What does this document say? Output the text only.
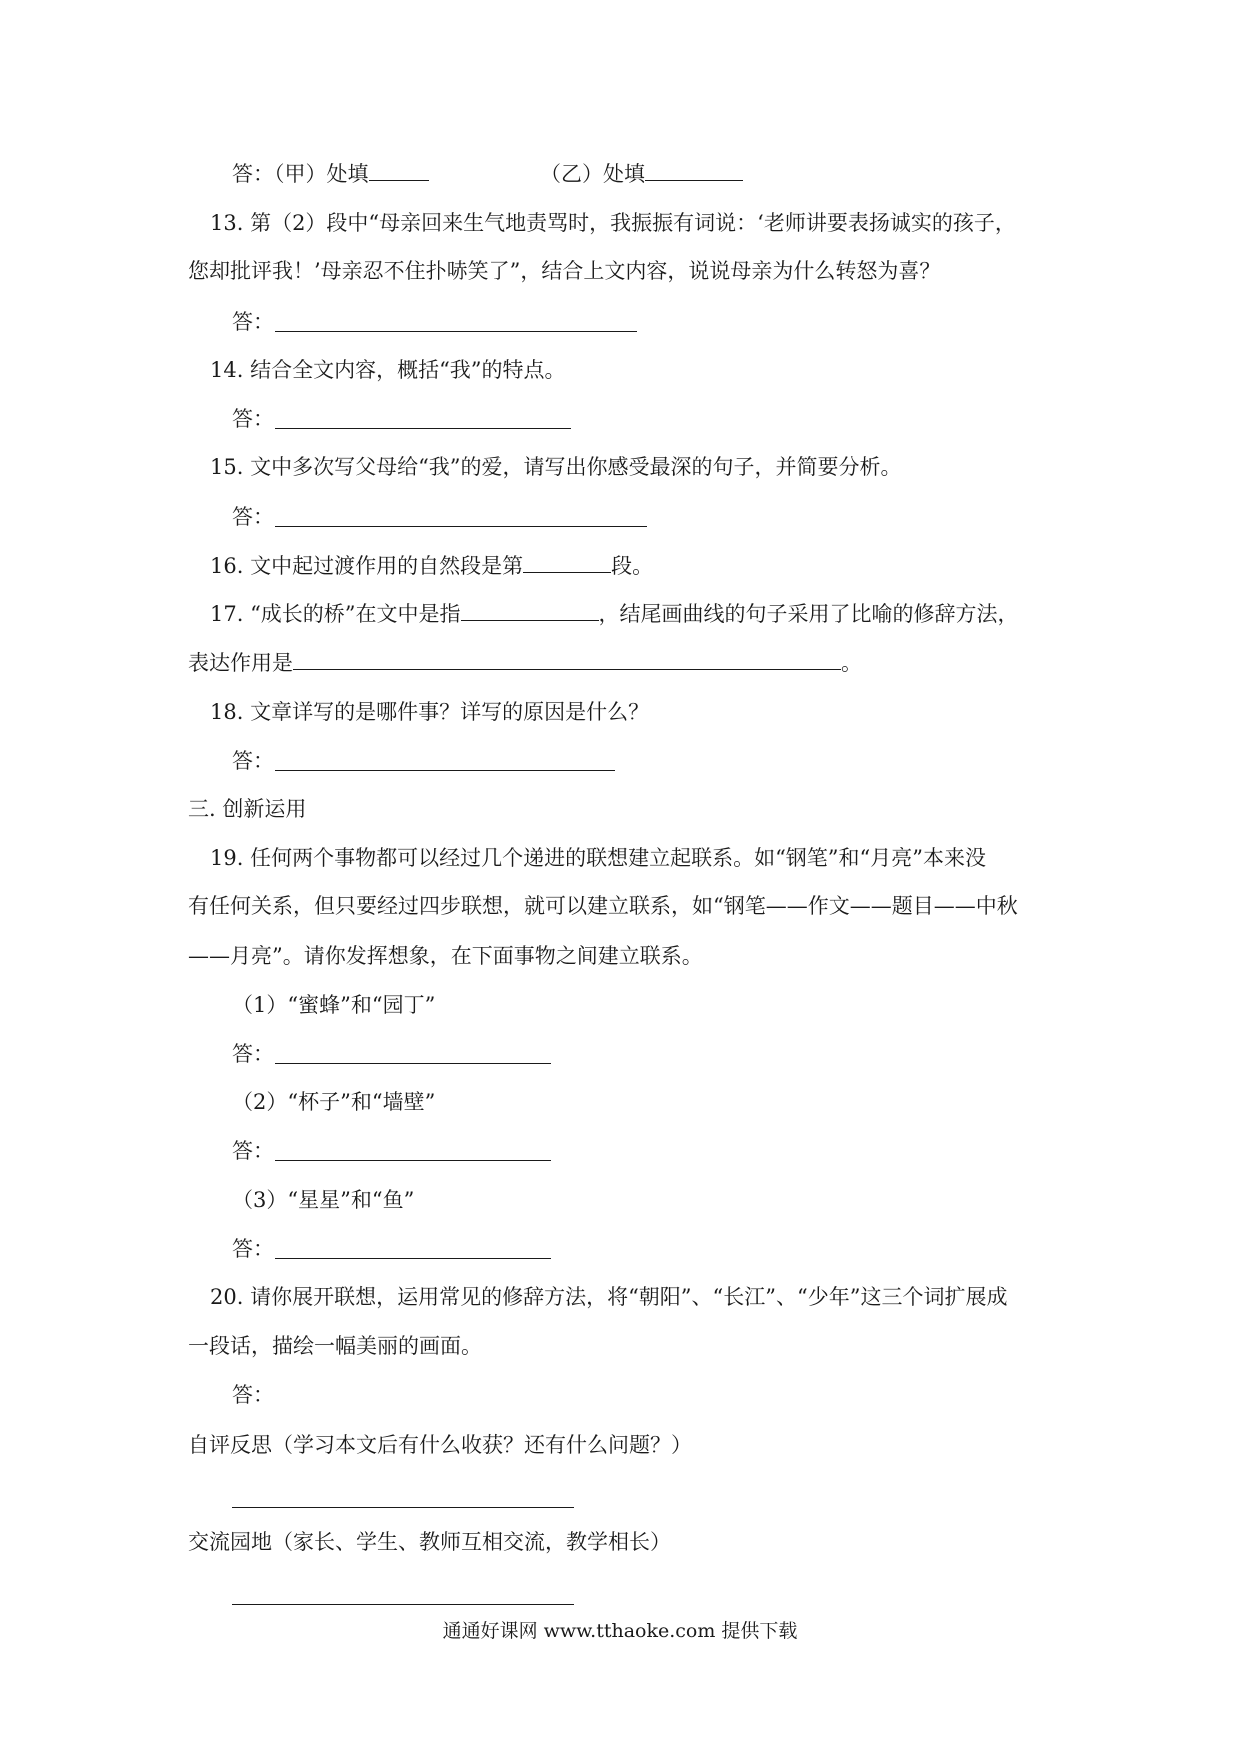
答：（甲）处填	（乙）处填
13. 第（2）段中“母亲回来生气地责骂时，我振振有词说：‘老师讲要表扬诚实的孩子，
您却批评我！’母亲忍不住扑哧笑了”，结合上文内容，说说母亲为什么转怒为喜？
答：
14. 结合全文内容，概括“我”的特点。
答：
15. 文中多次写父母给“我”的爱，请写出你感受最深的句子，并简要分析。
答：
16. 文中起过渡作用的自然段是第	段。
17. “成长的桥”在文中是指	，结尾画曲线的句子采用了比喻的修辞方法，
表达作用是	。
18. 文章详写的是哪件事？详写的原因是什么？
答：
三. 创新运用
19. 任何两个事物都可以经过几个递进的联想建立起联系。如“钢笔”和“月亮”本来没
有任何关系，但只要经过四步联想，就可以建立联系，如“钢笔——作文——题目——中秋
——月亮”。请你发挥想象，在下面事物之间建立联系。
（1）“蜜蜂”和“园丁”
答：
（2）“杯子”和“墙壁”
答：
（3）“星星”和“鱼”
答：
20. 请你展开联想，运用常见的修辞方法，将“朝阳”、“长江”、“少年”这三个词扩展成
一段话，描绘一幅美丽的画面。
答：
自评反思（学习本文后有什么收获？还有什么问题？）
交流园地（家长、学生、教师互相交流，教学相长）
通通好课网 www.tthaoke.com 提供下载
